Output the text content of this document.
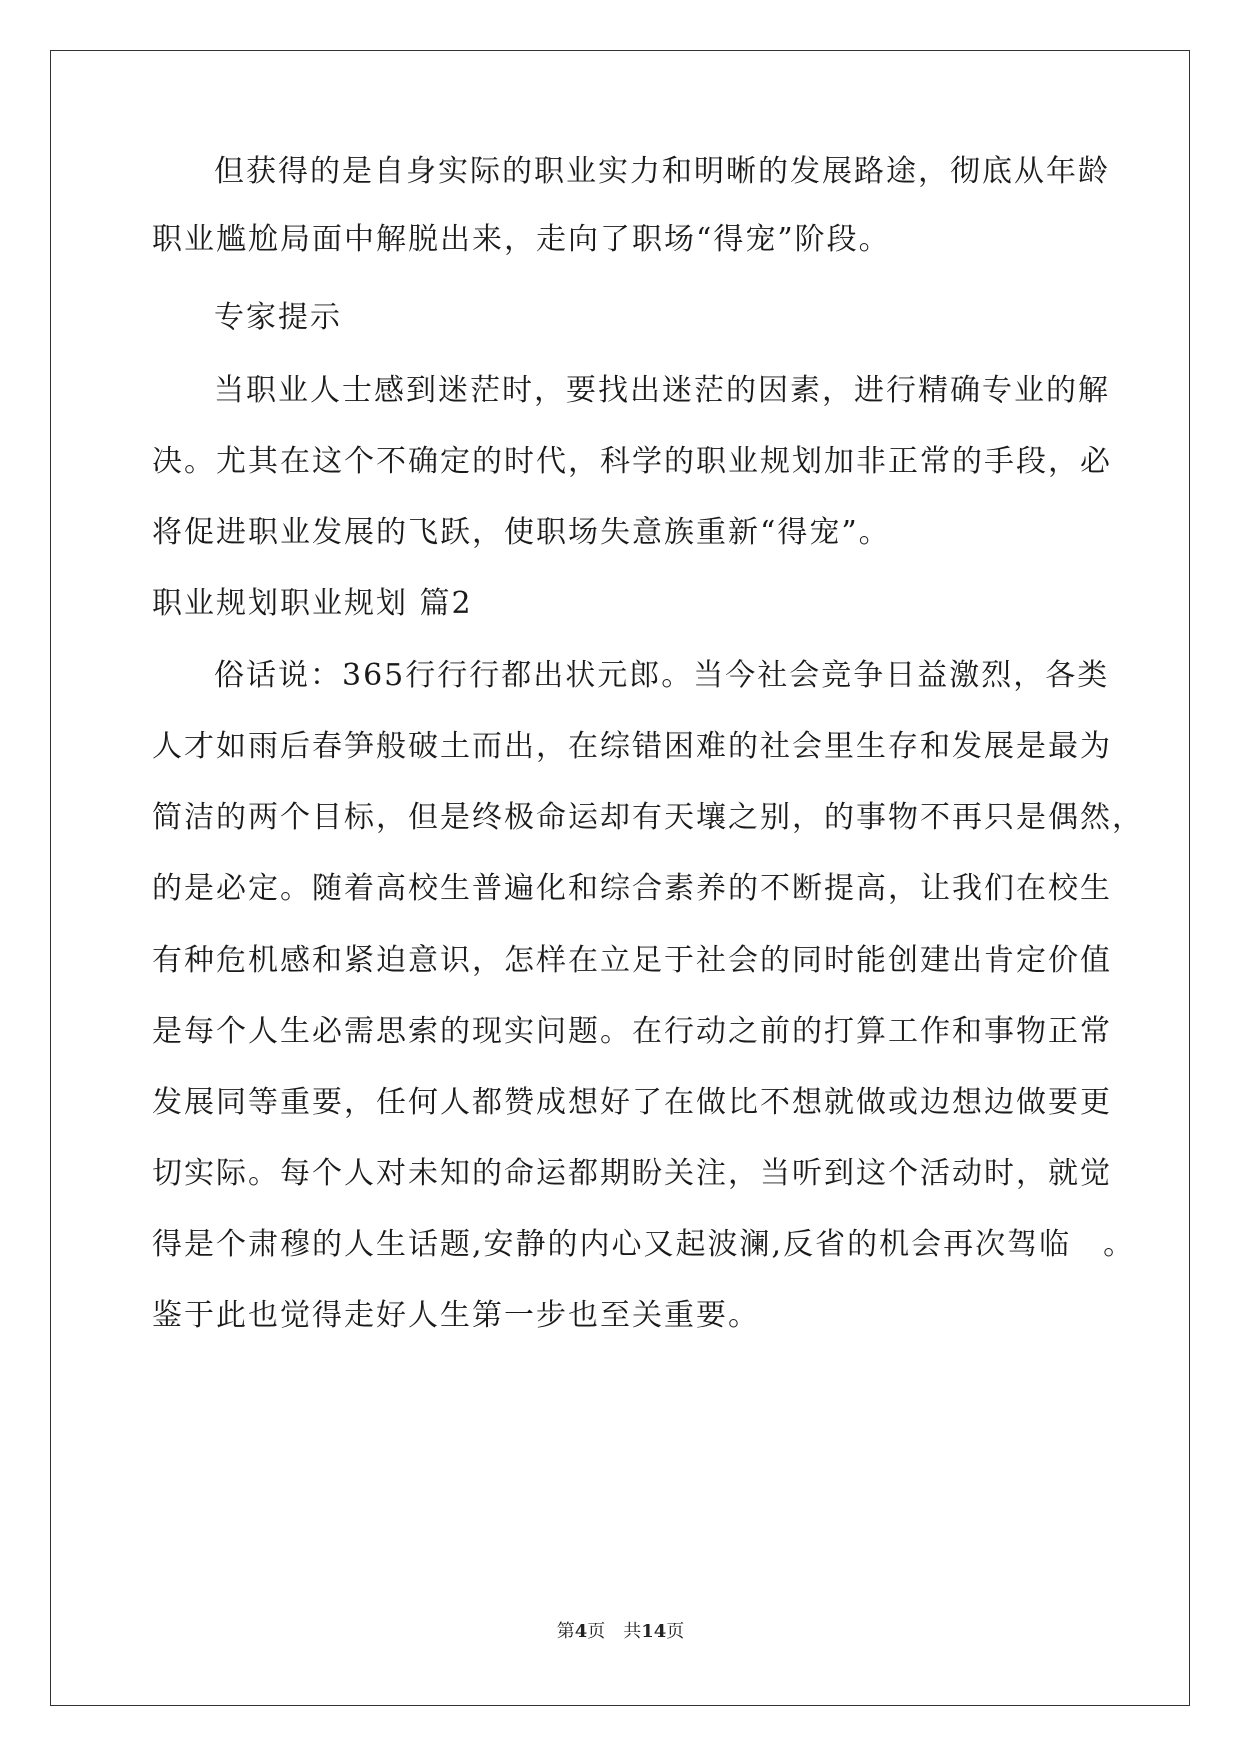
但获得的是自身实际的职业实力和明晰的发展路途，彻底从年龄
职业尴尬局面中解脱出来，走向了职场“得宠”阶段。
专家提示
当职业人士感到迷茫时，要找出迷茫的因素，进行精确专业的解
决。尤其在这个不确定的时代，科学的职业规划加非正常的手段，必
将促进职业发展的飞跃，使职场失意族重新“得宠”。
职业规划职业规划 篇2
俗话说：365行行行都出状元郎。当今社会竞争日益激烈，各类
人才如雨后春笋般破土而出，在综错困难的社会里生存和发展是最为
简洁的两个目标，但是终极命运却有天壤之别，的事物不再只是偶然，
的是必定。随着高校生普遍化和综合素养的不断提高，让我们在校生
有种危机感和紧迫意识，怎样在立足于社会的同时能创建出肯定价值
是每个人生必需思索的现实问题。在行动之前的打算工作和事物正常
发展同等重要，任何人都赞成想好了在做比不想就做或边想边做要更
切实际。每个人对未知的命运都期盼关注，当听到这个活动时，就觉
得是个肃穆的人生话题,安静的内心又起波澜,反省的机会再次驾临　。
鉴于此也觉得走好人生第一步也至关重要。
第4页 共14页
